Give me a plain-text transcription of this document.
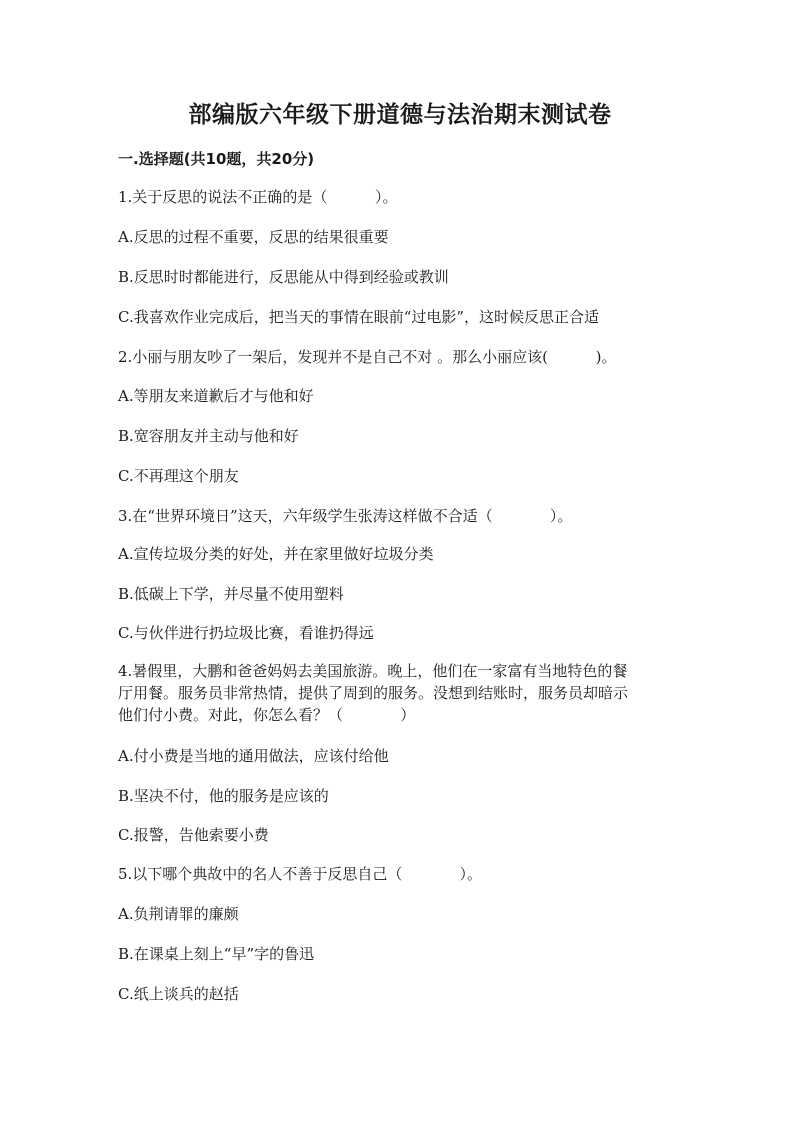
部编版六年级下册道德与法治期末测试卷
一.选择题(共10题，共20分)
1.关于反思的说法不正确的是（          ）。
A.反思的过程不重要，反思的结果很重要
B.反思时时都能进行，反思能从中得到经验或教训
C.我喜欢作业完成后，把当天的事情在眼前“过电影”，这时候反思正合适
2.小丽与朋友吵了一架后，发现并不是自己不对 。那么小丽应该(          )。
A.等朋友来道歉后才与他和好
B.宽容朋友并主动与他和好
C.不再理这个朋友
3.在“世界环境日”这天，六年级学生张涛这样做不合适（            ）。
A.宣传垃圾分类的好处，并在家里做好垃圾分类
B.低碳上下学，并尽量不使用塑料
C.与伙伴进行扔垃圾比赛，看谁扔得远
4.暑假里，大鹏和爸爸妈妈去美国旅游。晚上，他们在一家富有当地特色的餐
厅用餐。服务员非常热情，提供了周到的服务。没想到结账时，服务员却暗示
他们付小费。对此，你怎么看？（            ）
A.付小费是当地的通用做法，应该付给他
B.坚决不付，他的服务是应该的
C.报警，告他索要小费
5.以下哪个典故中的名人不善于反思自己（            ）。
A.负荆请罪的廉颇
B.在课桌上刻上“早”字的鲁迅
C.纸上谈兵的赵括
